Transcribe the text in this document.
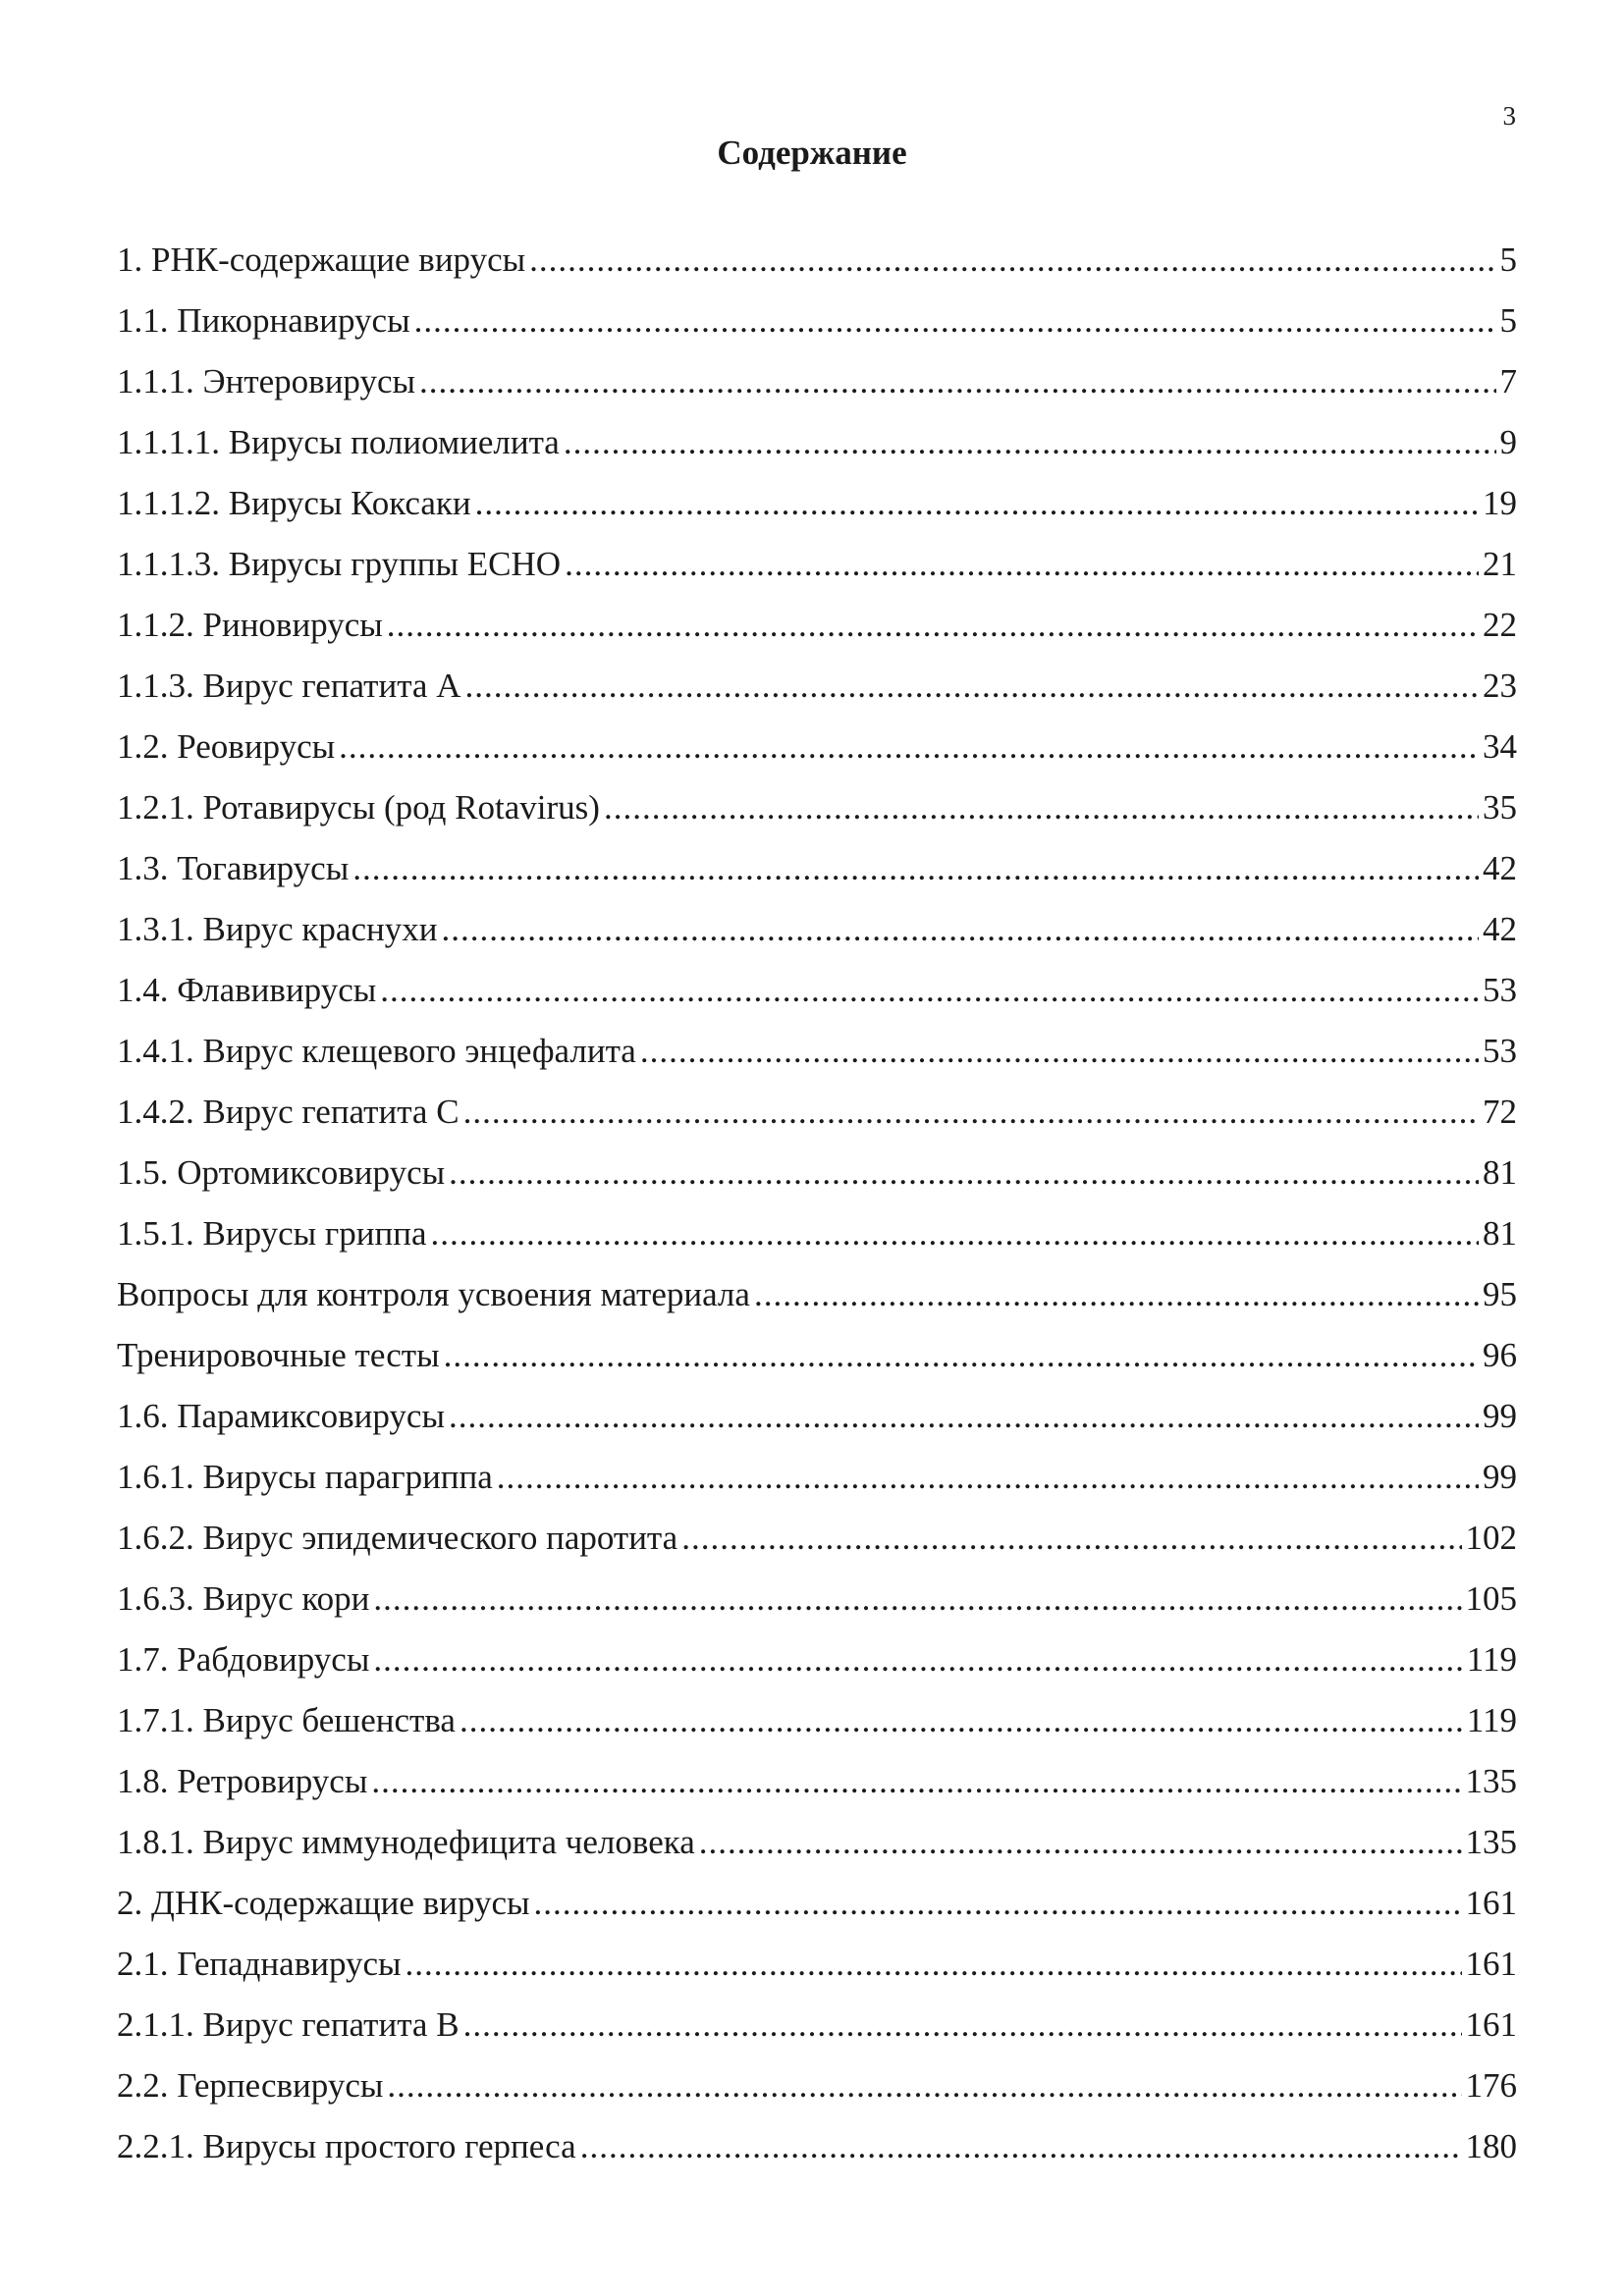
3
Содержание
1. РНК-содержащие вирусы .....	5
1.1. Пикорнавирусы .....	5
1.1.1. Энтеровирусы .....	7
1.1.1.1. Вирусы полиомиелита .....	9
1.1.1.2. Вирусы Коксаки .....	19
1.1.1.3. Вирусы группы ECHO .....	21
1.1.2. Риновирусы .....	22
1.1.3. Вирус гепатита А .....	23
1.2. Реовирусы .....	34
1.2.1. Ротавирусы (род Rotavirus) .....	35
1.3. Тогавирусы .....	42
1.3.1. Вирус краснухи .....	42
1.4. Флавивирусы .....	53
1.4.1. Вирус клещевого энцефалита .....	53
1.4.2. Вирус гепатита С .....	72
1.5. Ортомиксовирусы .....	81
1.5.1. Вирусы гриппа .....	81
Вопросы для контроля усвоения материала .....	95
Тренировочные тесты .....	96
1.6. Парамиксовирусы .....	99
1.6.1. Вирусы парагриппа .....	99
1.6.2. Вирус эпидемического паротита .....	102
1.6.3. Вирус кори .....	105
1.7. Рабдовирусы .....	119
1.7.1. Вирус бешенства .....	119
1.8. Ретровирусы .....	135
1.8.1. Вирус иммунодефицита человека .....	135
2. ДНК-содержащие вирусы .....	161
2.1. Гепаднавирусы .....	161
2.1.1. Вирус гепатита В .....	161
2.2. Герпесвирусы .....	176
2.2.1. Вирусы простого герпеса .....	180
